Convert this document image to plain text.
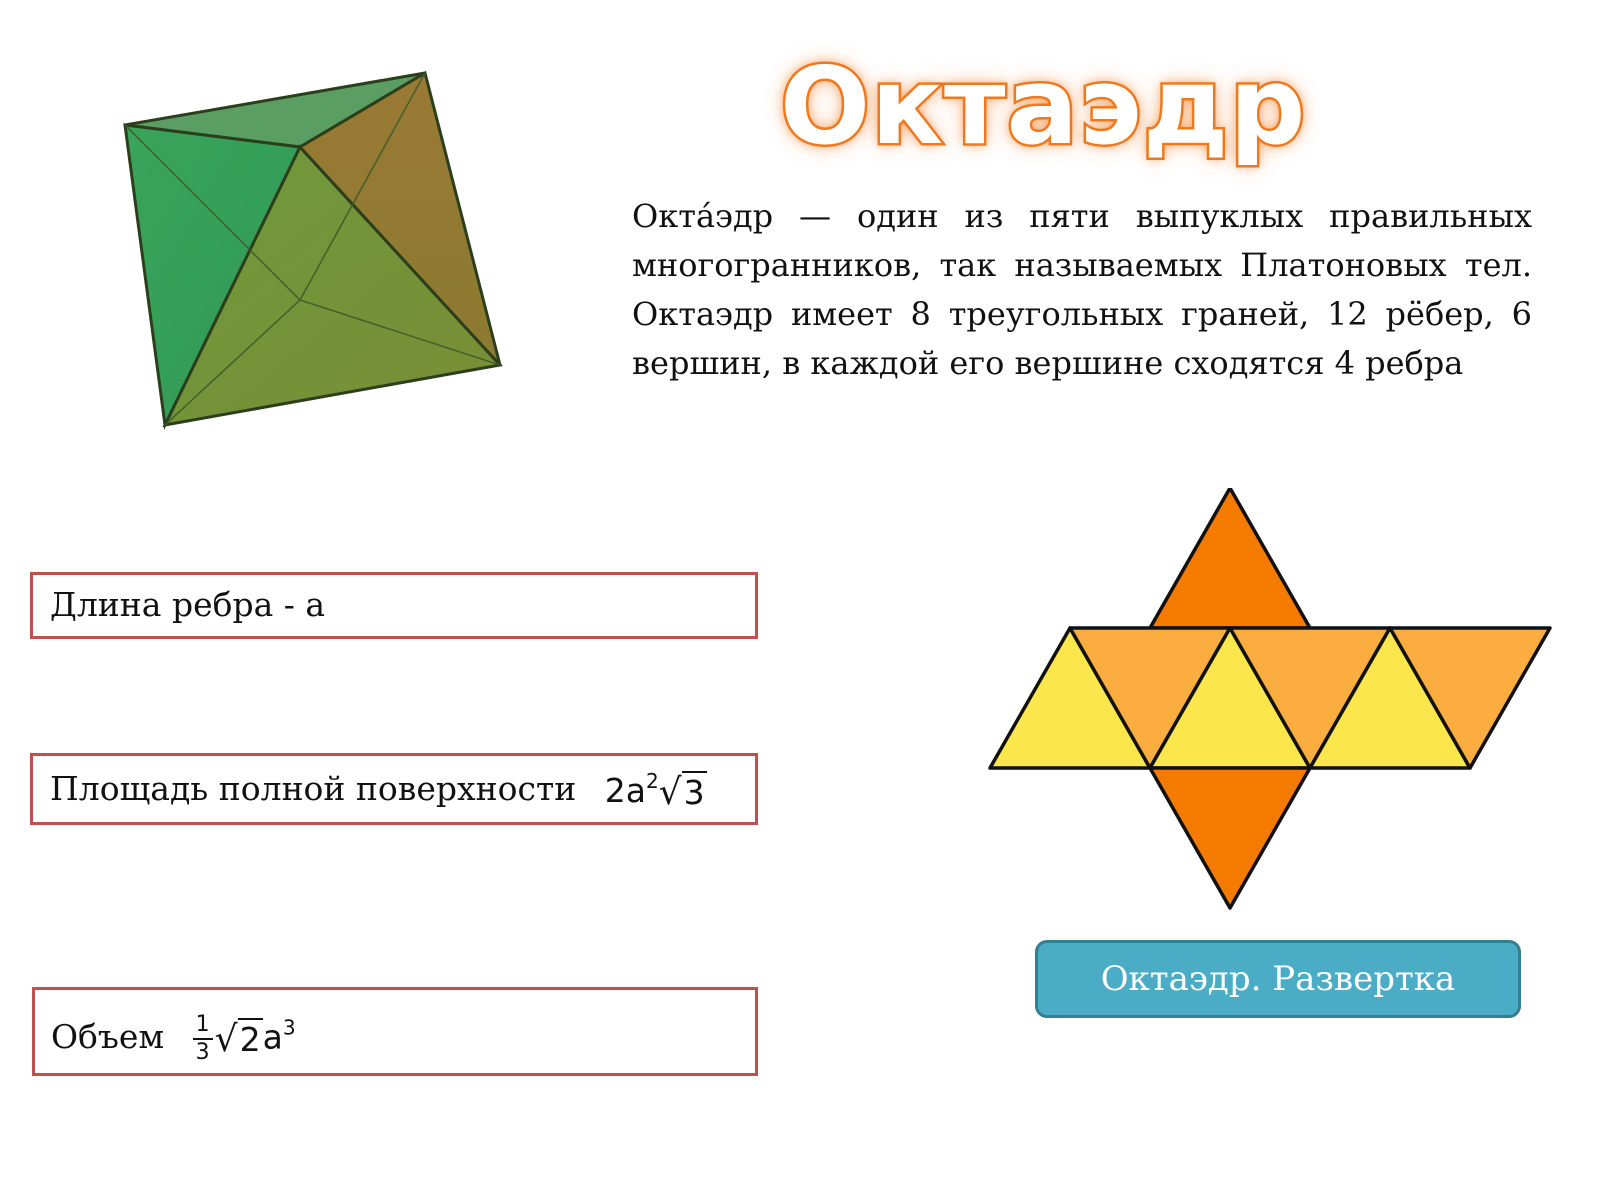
Октаэдр

Окта́эдр — один из пяти выпуклых правильных многогранников, так называемых Платоновых тел. Октаэдр имеет 8 треугольных граней, 12 рёбер, 6 вершин, в каждой его вершине сходятся 4 ребра

Длина ребра - a
Площадь полной поверхности $2a^2√3$
Объем $\frac{1}{3} √2a^3$
Октаэдр. Развертка
